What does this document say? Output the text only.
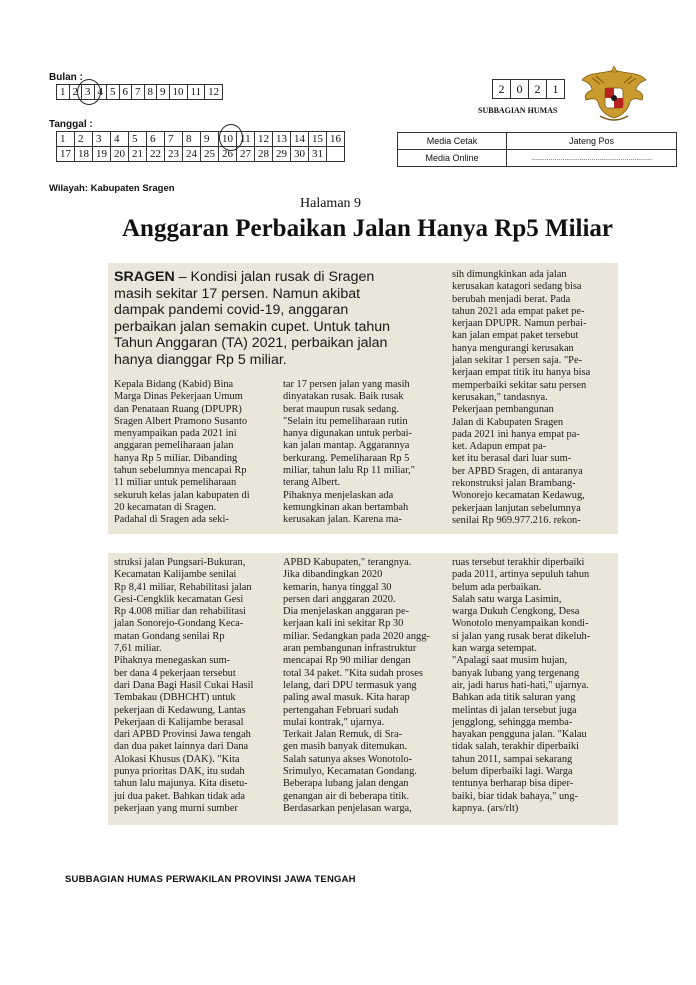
Bulan :
1	2	3	4	5	6	7	8	9	10	11	12
Tanggal :
1	2	3	4	5	6	7	8	9	10	11	12	13	14	15	16
17	18	19	20	21	22	23	24	25	26	27	28	29	30	31	
2	0	2	1
SUBBAGIAN HUMAS
Media Cetak	Jateng Pos
Media Online	..............................................................
Wilayah: Kabupaten Sragen
Halaman 9
Anggaran Perbaikan Jalan Hanya Rp5 Miliar
SRAGEN – Kondisi jalan rusak di Sragen
masih sekitar 17 persen. Namun akibat
dampak pandemi covid-19, anggaran
perbaikan jalan semakin cupet. Untuk tahun
Tahun Anggaran (TA) 2021, perbaikan jalan
hanya dianggar Rp 5 miliar.

Kepala Bidang (Kabid) Bina

Marga Dinas Pekerjaan Umum

dan Penataan Ruang (DPUPR)

Sragen Albert Pramono Susanto

menyampaikan pada 2021 ini

anggaran pemeliharaan jalan

hanya Rp 5 miliar. Dibanding

tahun sebelumnya mencapai Rp

11 miliar untuk pemeliharaan

sekuruh kelas jalan kabupaten di

20 kecamatan di Sragen.

Padahal di Sragen ada seki-

tar 17 persen jalan yang masih

dinyatakan rusak. Baik rusak

berat maupun rusak sedang.

"Selain itu pemeliharaan rutin

hanya digunakan untuk perbai-

kan jalan mantap. Aggarannya

berkurang. Pemeliharaan Rp 5

miliar, tahun lalu Rp 11 miliar,"

terang Albert.

Pihaknya menjelaskan ada

kemungkinan akan bertambah

kerusakan jalan. Karena ma-

sih dimungkinkan ada jalan

kerusakan katagori sedang bisa

berubah menjadi berat. Pada

tahun 2021 ada empat paket pe-

kerjaan DPUPR. Namun perbai-

kan jalan empat paket tersebut

hanya mengurangi kerusakan

jalan sekitar 1 persen saja. "Pe-

kerjaan empat titik itu hanya bisa

memperbaiki sekitar satu persen

kerusakan," tandasnya.

Pekerjaan pembangunan

Jalan di Kabupaten Sragen

pada 2021 ini hanya empat pa-

ket. Adapun empat pa-

ket itu berasal dari luar sum-

ber APBD Sragen, di antaranya

rekonstruksi jalan Brambang-

Wonorejo kecamatan Kedawug,

pekerjaan lanjutan sebelumnya

senilai Rp 969.977.216. rekon-

struksi jalan Pungsari-Bukuran,

Kecamatan Kalijambe senilai

Rp 8,41 miliar, Rehabilitasi jalan

Gesi-Cengklik kecamatan Gesi

Rp 4.008 miliar dan rehabilitasi

jalan Sonorejo-Gondang Keca-

matan Gondang senilai Rp

7,61 miliar.

Pihaknya menegaskan sum-

ber dana 4 pekerjaan tersebut

dari Dana Bagi Hasil Cukai Hasil

Tembakau (DBHCHT) untuk

pekerjaan di Kedawung, Lantas

Pekerjaan di Kalijambe berasal

dari APBD Provinsi Jawa tengah

dan dua paket lainnya dari Dana

Alokasi Khusus (DAK). "Kita

punya prioritas DAK, itu sudah

tahun lalu majunya. Kita disetu-

jui dua paket. Bahkan tidak ada

pekerjaan yang murni sumber

APBD Kabupaten," terangnya.

Jika dibandingkan 2020

kemarin, hanya tinggal 30

persen dari anggaran 2020.

Dia menjelaskan anggaran pe-

kerjaan kali ini sekitar Rp 30

miliar. Sedangkan pada 2020 angg-

aran pembangunan infrastruktur

mencapai Rp 90 miliar dengan

total 34 paket. "Kita sudah proses

lelang, dari DPU termasuk yang

paling awal masuk. Kita harap

pertengahan Februari sudah

mulai kontrak," ujarnya.

Terkait Jalan Remuk, di Sra-

gen masih banyak ditemukan.

Salah satunya akses Wonotolo-

Srimulyo, Kecamatan Gondang.

Beberapa lubang jalan dengan

genangan air di beberapa titik.

Berdasarkan penjelasan warga,

ruas tersebut terakhir diperbaiki

pada 2011, artinya sepuluh tahun

belum ada perbaikan.

Salah satu warga Lasimin,

warga Dukuh Cengkong, Desa

Wonotolo menyampaikan kondi-

si jalan yang rusak berat dikeluh-

kan warga setempat.

"Apalagi saat musim hujan,

banyak lubang yang tergenang

air, jadi harus hati-hati," ujarnya.

Bahkan ada titik saluran yang

melintas di jalan tersebut juga

jengglong, sehingga memba-

hayakan pengguna jalan. "Kalau

tidak salah, terakhir diperbaiki

tahun 2011, sampai sekarang

belum diperbaiki lagi. Warga

tentunya berharap bisa diper-

baiki, biar tidak bahaya," ung-

kapnya. (ars/rlt)

SUBBAGIAN HUMAS PERWAKILAN PROVINSI JAWA TENGAH
